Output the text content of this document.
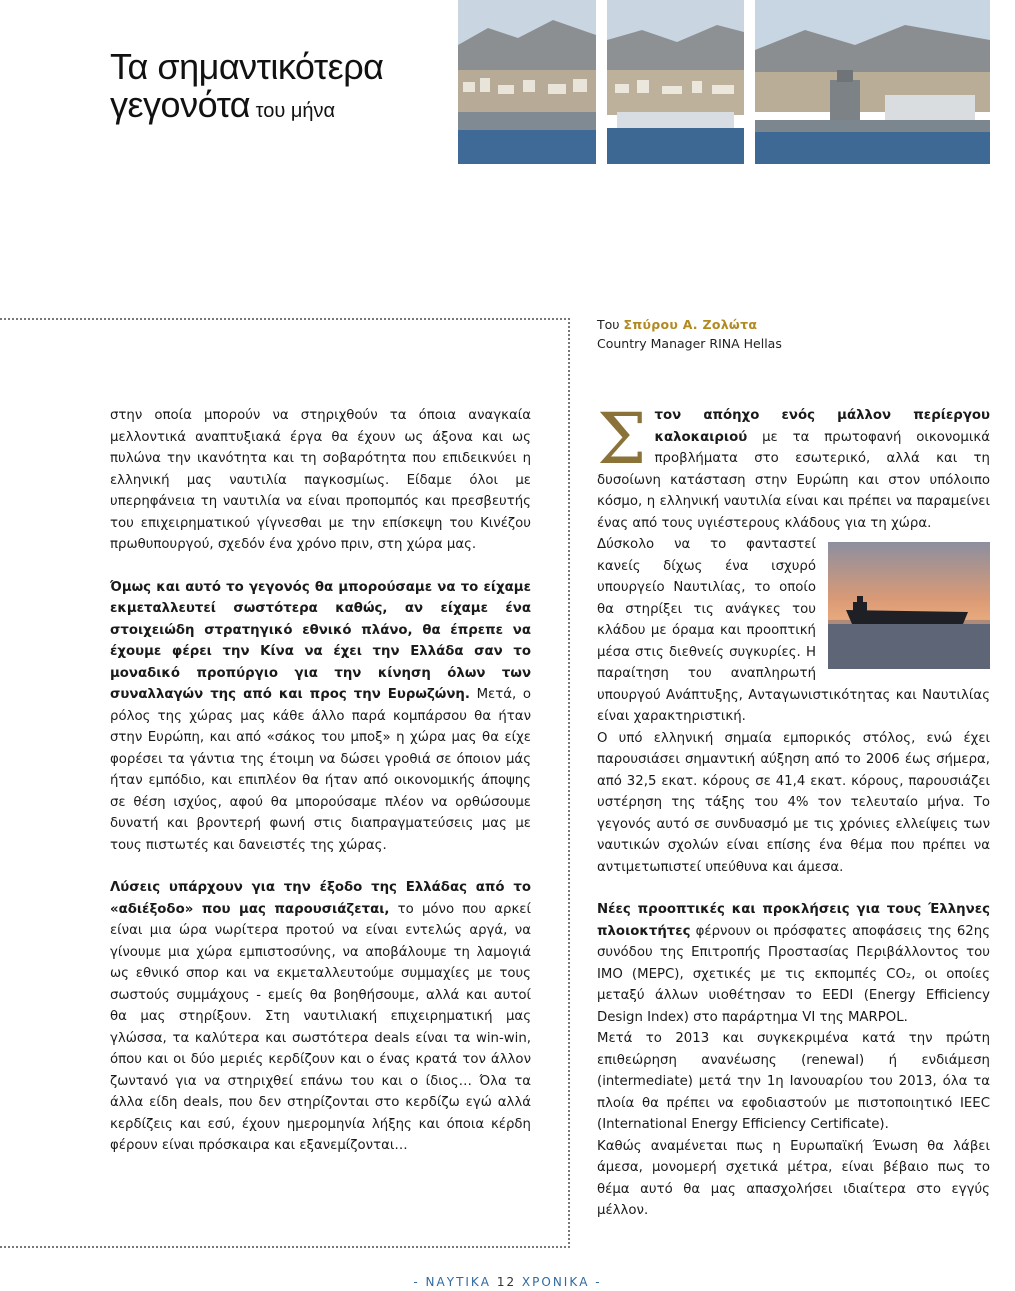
Τα σημαντικότερα
γεγονότα του μήνα
Του Σπύρου Α. Ζολώτα
Country Manager RINA Hellas

στην οποία μπορούν να στηριχθούν τα όποια αναγκαία μελλοντικά αναπτυξιακά έργα θα έχουν ως άξονα και ως πυλώνα την ικανότητα και τη σοβαρότητα που επιδεικνύει η ελληνική μας ναυτιλία παγκοσμίως. Είδαμε όλοι με υπερηφάνεια τη ναυτιλία να είναι προπομπός και πρεσβευτής του επιχειρηματικού γίγνεσθαι με την επίσκεψη του Κινέζου πρωθυπουργού, σχεδόν ένα χρόνο πριν, στη χώρα μας.

Όμως και αυτό το γεγονός θα μπορούσαμε να το είχαμε εκμεταλλευτεί σωστότερα καθώς, αν είχαμε ένα στοιχειώδη στρατηγικό εθνικό πλάνο, θα έπρεπε να έχουμε φέρει την Κίνα να έχει την Ελλάδα σαν το μοναδικό προπύργιο για την κίνηση όλων των συναλλαγών της από και προς την Ευρωζώνη. Μετά, ο ρόλος της χώρας μας κάθε άλλο παρά κομπάρσου θα ήταν στην Ευρώπη, και από «σάκος του μποξ» η χώρα μας θα είχε φορέσει τα γάντια της έτοιμη να δώσει γροθιά σε όποιον μάς ήταν εμπόδιο, και επιπλέον θα ήταν από οικονομικής άποψης σε θέση ισχύος, αφού θα μπορούσαμε πλέον να ορθώσουμε δυνατή και βροντερή φωνή στις διαπραγματεύσεις μας με τους πιστωτές και δανειστές της χώρας.

Λύσεις υπάρχουν για την έξοδο της Ελλάδας από το «αδιέξοδο» που μας παρουσιάζεται, το μόνο που αρκεί είναι μια ώρα νωρίτερα προτού να είναι εντελώς αργά, να γίνουμε μια χώρα εμπιστοσύνης, να αποβάλουμε τη λαμογιά ως εθνικό σπορ και να εκμεταλλευτούμε συμμαχίες με τους σωστούς συμμάχους - εμείς θα βοηθήσουμε, αλλά και αυτοί θα μας στηρίξουν. Στη ναυτιλιακή επιχειρηματική μας γλώσσα, τα καλύτερα και σωστότερα deals είναι τα win-win, όπου και οι δύο μεριές κερδίζουν και ο ένας κρατά τον άλλον ζωντανό για να στηριχθεί επάνω του και ο ίδιος… Όλα τα άλλα είδη deals, που δεν στηρίζονται στο κερδίζω εγώ αλλά κερδίζεις και εσύ, έχουν ημερομηνία λήξης και όποια κέρδη φέρουν είναι πρόσκαιρα και εξανεμίζονται…

Σ τον απόηχο ενός μάλλον περίεργου καλοκαιριού με τα πρωτοφανή οικονομικά προβλήματα στο εσωτερικό, αλλά και τη δυσοίωνη κατάσταση στην Ευρώπη και στον υπόλοιπο κόσμο, η ελληνική ναυτιλία είναι και πρέπει να παραμείνει ένας από τους υγιέστερους κλάδους για τη χώρα.

Δύσκολο να το φανταστεί κανείς δίχως ένα ισχυρό υπουργείο Ναυτιλίας, το οποίο θα στηρίξει τις ανάγκες του κλάδου με όραμα και προοπτική μέσα στις διεθνείς συγκυρίες. Η παραίτηση του αναπληρωτή υπουργού Ανάπτυξης, Ανταγωνιστικότητας και Ναυτιλίας είναι χαρακτηριστική.

Ο υπό ελληνική σημαία εμπορικός στόλος, ενώ έχει παρουσιάσει σημαντική αύξηση από το 2006 έως σήμερα, από 32,5 εκατ. κόρους σε 41,4 εκατ. κόρους, παρουσιάζει υστέρηση της τάξης του 4% τον τελευταίο μήνα. Το γεγονός αυτό σε συνδυασμό με τις χρόνιες ελλείψεις των ναυτικών σχολών είναι επίσης ένα θέμα που πρέπει να αντιμετωπιστεί υπεύθυνα και άμεσα.

Νέες προοπτικές και προκλήσεις για τους Έλληνες πλοιοκτήτες φέρνουν οι πρόσφατες αποφάσεις της 62ης συνόδου της Επιτροπής Προστασίας Περιβάλλοντος του ΙΜΟ (MEPC), σχετικές με τις εκπομπές CO₂, οι οποίες μεταξύ άλλων υιοθέτησαν το EEDI (Energy Efficiency Design Index) στο παράρτημα VI της MARPOL.

Μετά το 2013 και συγκεκριμένα κατά την πρώτη επιθεώρηση ανανέωσης (renewal) ή ενδιάμεση (intermediate) μετά την 1η Ιανουαρίου του 2013, όλα τα πλοία θα πρέπει να εφοδιαστούν με πιστοποιητικό IEEC (International Energy Efficiency Certificate).

Καθώς αναμένεται πως η Ευρωπαϊκή Ένωση θα λάβει άμεσα, μονομερή σχετικά μέτρα, είναι βέβαιο πως το θέμα αυτό θα μας απασχολήσει ιδιαίτερα στο εγγύς μέλλον.

- ΝΑΥΤΙΚΑ 12 ΧΡΟΝΙΚΑ -
